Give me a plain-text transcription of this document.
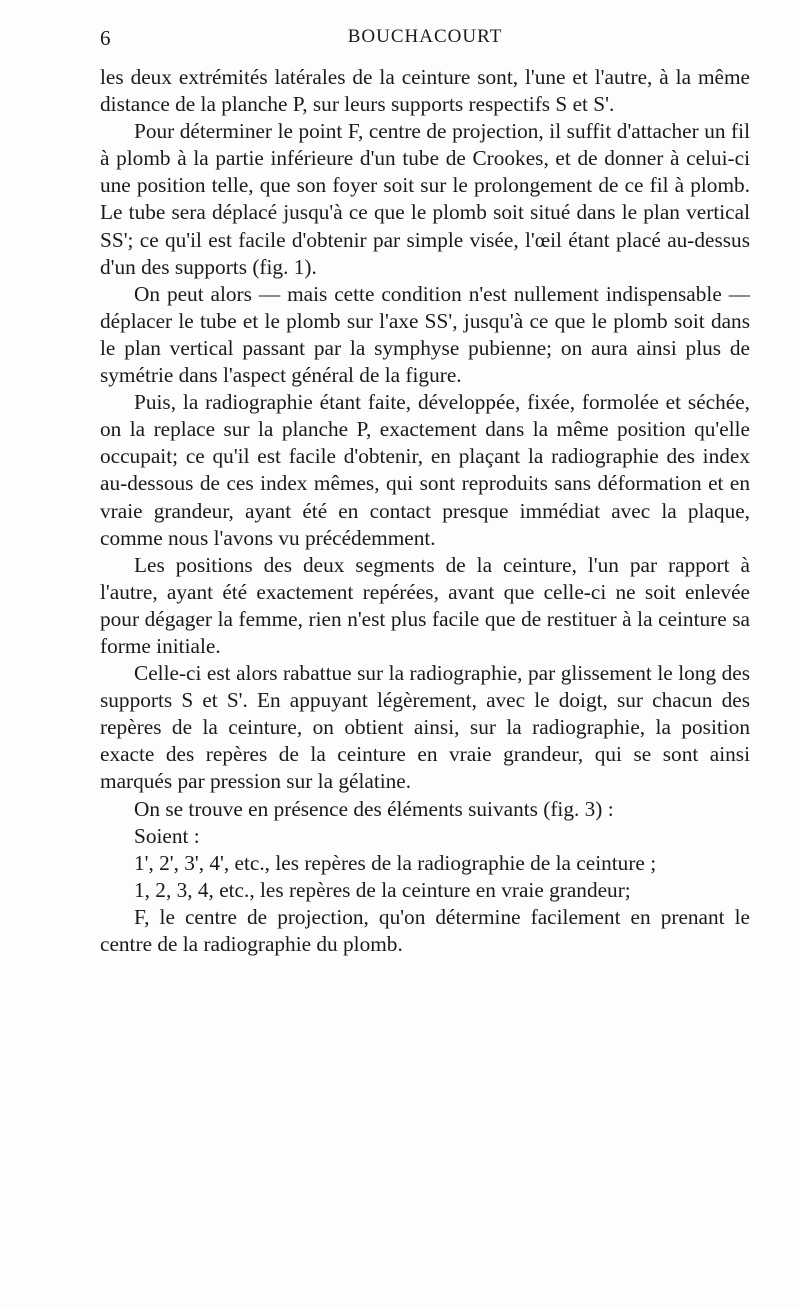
6	BOUCHACOURT

les deux extrémités latérales de la ceinture sont, l'une et l'autre, à la même distance de la planche P, sur leurs supports respectifs S et S'.

Pour déterminer le point F, centre de projection, il suffit d'attacher un fil à plomb à la partie inférieure d'un tube de Crookes, et de donner à celui-ci une position telle, que son foyer soit sur le prolongement de ce fil à plomb. Le tube sera déplacé jusqu'à ce que le plomb soit situé dans le plan vertical SS'; ce qu'il est facile d'obtenir par simple visée, l'œil étant placé au-dessus d'un des supports (fig. 1).

On peut alors — mais cette condition n'est nullement indispensable — déplacer le tube et le plomb sur l'axe SS', jusqu'à ce que le plomb soit dans le plan vertical passant par la symphyse pubienne; on aura ainsi plus de symétrie dans l'aspect général de la figure.

Puis, la radiographie étant faite, développée, fixée, formolée et séchée, on la replace sur la planche P, exactement dans la même position qu'elle occupait; ce qu'il est facile d'obtenir, en plaçant la radiographie des index au-dessous de ces index mêmes, qui sont reproduits sans déformation et en vraie grandeur, ayant été en contact presque immédiat avec la plaque, comme nous l'avons vu précédemment.

Les positions des deux segments de la ceinture, l'un par rapport à l'autre, ayant été exactement repérées, avant que celle-ci ne soit enlevée pour dégager la femme, rien n'est plus facile que de restituer à la ceinture sa forme initiale.

Celle-ci est alors rabattue sur la radiographie, par glissement le long des supports S et S'. En appuyant légèrement, avec le doigt, sur chacun des repères de la ceinture, on obtient ainsi, sur la radiographie, la position exacte des repères de la ceinture en vraie grandeur, qui se sont ainsi marqués par pression sur la gélatine.

On se trouve en présence des éléments suivants (fig. 3) :

Soient :

1', 2', 3', 4', etc., les repères de la radiographie de la ceinture ;

1, 2, 3, 4, etc., les repères de la ceinture en vraie grandeur;

F, le centre de projection, qu'on détermine facilement en prenant le centre de la radiographie du plomb.
